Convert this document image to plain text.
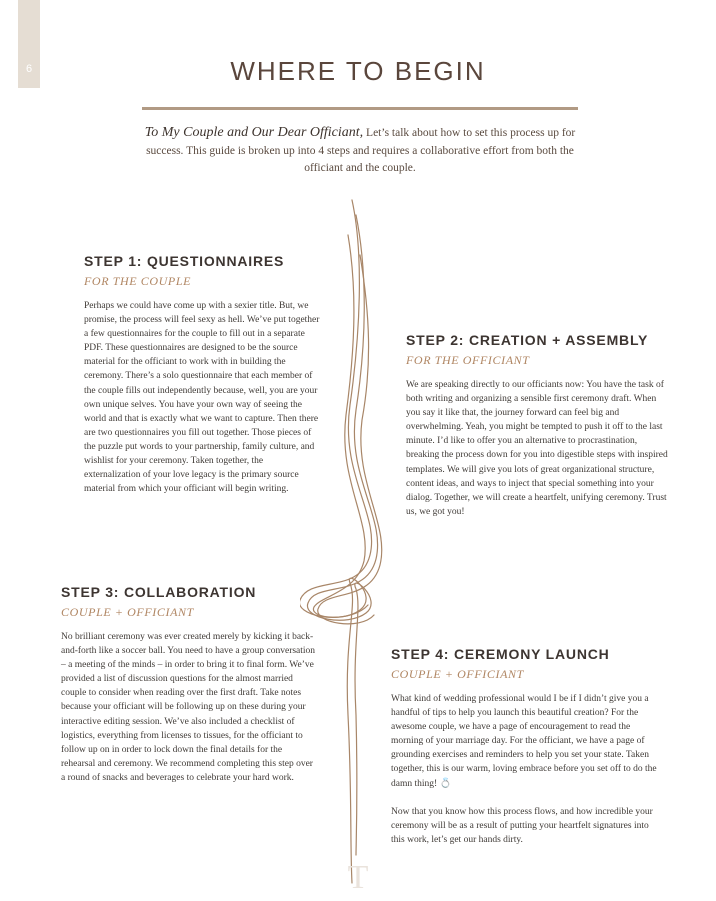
6	WHERE TO BEGIN

To My Couple and Our Dear Officiant, Let’s talk about how to set this process up for success. This guide is broken up into 4 steps and requires a collaborative effort from both the officiant and the couple.

STEP 1: QUESTIONNAIRES

FOR THE COUPLE

Perhaps we could have come up with a sexier title. But, we promise, the process will feel sexy as hell. We’ve put together a few questionnaires for the couple to fill out in a separate PDF. These questionnaires are designed to be the source material for the officiant to work with in building the ceremony. There’s a solo questionnaire that each member of the couple fills out independently because, well, you are your own unique selves. You have your own way of seeing the world and that is exactly what we want to capture. Then there are two questionnaires you fill out together. Those pieces of the puzzle put words to your partnership, family culture, and wishlist for your ceremony. Taken together, the externalization of your love legacy is the primary source material from which your officiant will begin writing.

STEP 2: CREATION + ASSEMBLY

FOR THE OFFICIANT

We are speaking directly to our officiants now: You have the task of both writing and organizing a sensible first ceremony draft. When you say it like that, the journey forward can feel big and overwhelming. Yeah, you might be tempted to push it off to the last minute. I’d like to offer you an alternative to procrastination, breaking the process down for you into digestible steps with inspired templates. We will give you lots of great organizational structure, content ideas, and ways to inject that special something into your dialog. Together, we will create a heartfelt, unifying ceremony. Trust us, we got you!

STEP 3: COLLABORATION

COUPLE + OFFICIANT

No brilliant ceremony was ever created merely by kicking it back-and-forth like a soccer ball. You need to have a group conversation – a meeting of the minds – in order to bring it to final form. We’ve provided a list of discussion questions for the almost married couple to consider when reading over the first draft. Take notes because your officiant will be following up on these during your interactive editing session. We’ve also included a checklist of logistics, everything from licenses to tissues, for the officiant to follow up on in order to lock down the final details for the rehearsal and ceremony. We recommend completing this step over a round of snacks and beverages to celebrate your hard work.

STEP 4: CEREMONY LAUNCH

COUPLE + OFFICIANT

What kind of wedding professional would I be if I didn’t give you a handful of tips to help you launch this beautiful creation? For the awesome couple, we have a page of encouragement to read the morning of your marriage day. For the officiant, we have a page of grounding exercises and reminders to help you set your state. Taken together, this is our warm, loving embrace before you set off to do the damn thing! 💍

Now that you know how this process flows, and how incredible your ceremony will be as a result of putting your heartfelt signatures into this work, let’s get our hands dirty.

T
